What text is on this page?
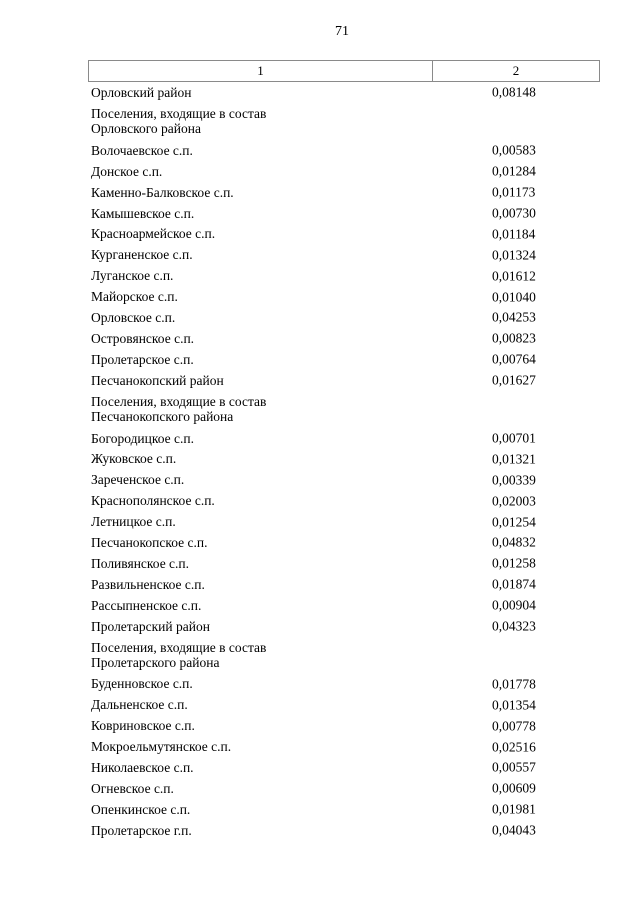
71
1	2
Орловский район	0,08148
Поселения, входящие в состав
Орловского района
Волочаевское с.п.	0,00583
Донское с.п.	0,01284
Каменно-Балковское с.п.	0,01173
Камышевское с.п.	0,00730
Красноармейское с.п.	0,01184
Курганенское с.п.	0,01324
Луганское с.п.	0,01612
Майорское с.п.	0,01040
Орловское с.п.	0,04253
Островянское с.п.	0,00823
Пролетарское с.п.	0,00764
Песчанокопский район	0,01627
Поселения, входящие в состав
Песчанокопского района
Богородицкое с.п.	0,00701
Жуковское с.п.	0,01321
Зареченское с.п.	0,00339
Краснополянское с.п.	0,02003
Летницкое с.п.	0,01254
Песчанокопское с.п.	0,04832
Поливянское с.п.	0,01258
Развильненское с.п.	0,01874
Рассыпненское с.п.	0,00904
Пролетарский район	0,04323
Поселения, входящие в состав
Пролетарского района
Буденновское с.п.	0,01778
Дальненское с.п.	0,01354
Ковриновское с.п.	0,00778
Мокроельмутянское с.п.	0,02516
Николаевское с.п.	0,00557
Огневское с.п.	0,00609
Опенкинское с.п.	0,01981
Пролетарское г.п.	0,04043
